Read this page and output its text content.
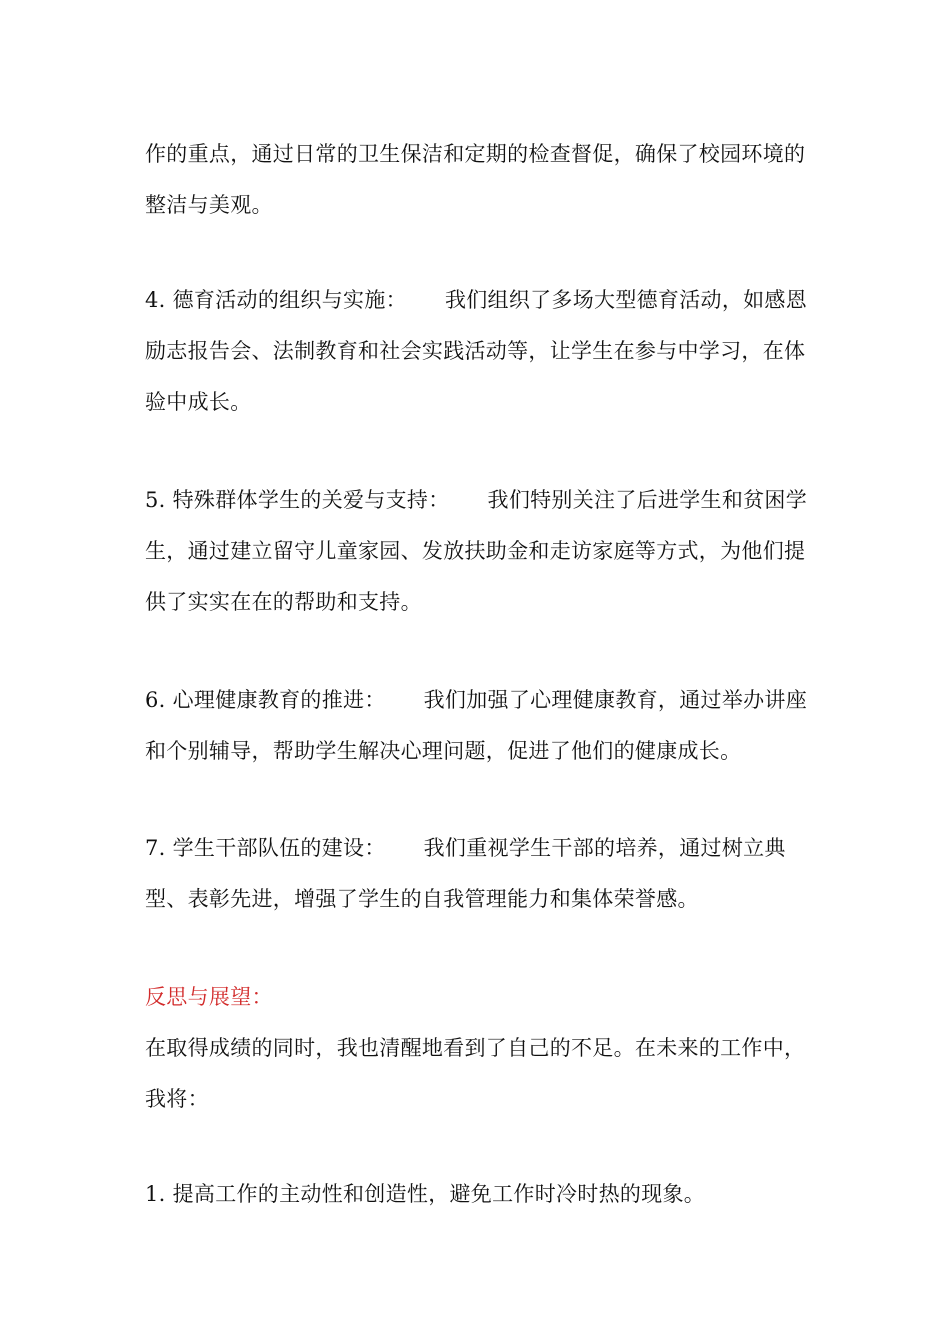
作的重点，通过日常的卫生保洁和定期的检查督促，确保了校园环境的整洁与美观。
4. 德育活动的组织与实施： 我们组织了多场大型德育活动，如感恩励志报告会、法制教育和社会实践活动等，让学生在参与中学习，在体验中成长。
5. 特殊群体学生的关爱与支持： 我们特别关注了后进学生和贫困学生，通过建立留守儿童家园、发放扶助金和走访家庭等方式，为他们提供了实实在在的帮助和支持。
6. 心理健康教育的推进： 我们加强了心理健康教育，通过举办讲座和个别辅导，帮助学生解决心理问题，促进了他们的健康成长。
7. 学生干部队伍的建设： 我们重视学生干部的培养，通过树立典型、表彰先进，增强了学生的自我管理能力和集体荣誉感。
反思与展望：
在取得成绩的同时，我也清醒地看到了自己的不足。在未来的工作中，我将：
1. 提高工作的主动性和创造性，避免工作时冷时热的现象。
